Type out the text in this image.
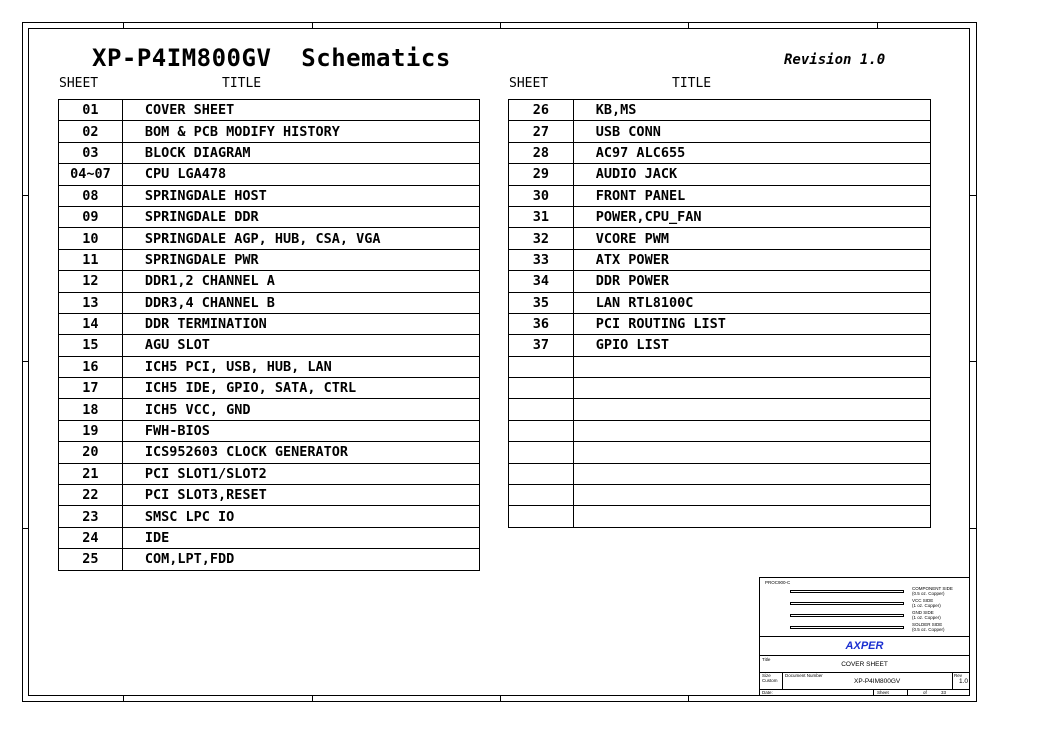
XP-P4IM800GV  Schematics	Revision 1.0
SHEET	TITLE	SHEET	TITLE
01	COVER SHEET
02	BOM & PCB MODIFY HISTORY
03	BLOCK DIAGRAM
04~07	CPU LGA478
08	SPRINGDALE HOST
09	SPRINGDALE DDR
10	SPRINGDALE AGP, HUB, CSA, VGA
11	SPRINGDALE PWR
12	DDR1,2 CHANNEL A
13	DDR3,4 CHANNEL B
14	DDR TERMINATION
15	AGU SLOT
16	ICH5 PCI, USB, HUB, LAN
17	ICH5 IDE, GPIO, SATA, CTRL
18	ICH5 VCC, GND
19	FWH-BIOS
20	ICS952603 CLOCK GENERATOR
21	PCI SLOT1/SLOT2
22	PCI SLOT3,RESET
23	SMSC LPC IO
24	IDE
25	COM,LPT,FDD
26	KB,MS
27	USB CONN
28	AC97 ALC655
29	AUDIO JACK
30	FRONT PANEL
31	POWER,CPU_FAN
32	VCORE PWM
33	ATX POWER
34	DDR POWER
35	LAN RTL8100C
36	PCI ROUTING LIST
37	GPIO LIST

PROC900-C
COMPONENT SIDE
(0.5 oz. Copper)
VCC SIDE
(1 oz. Copper)
GND SIDE
(1 oz. Copper)
SOLDER SIDE
(0.5 oz. Copper)
AXPER
Title
COVER SHEET
Size
Custom
Document Number
XP-P4IM800GV
Rev
1.0
Date:	Sheet	of	33
